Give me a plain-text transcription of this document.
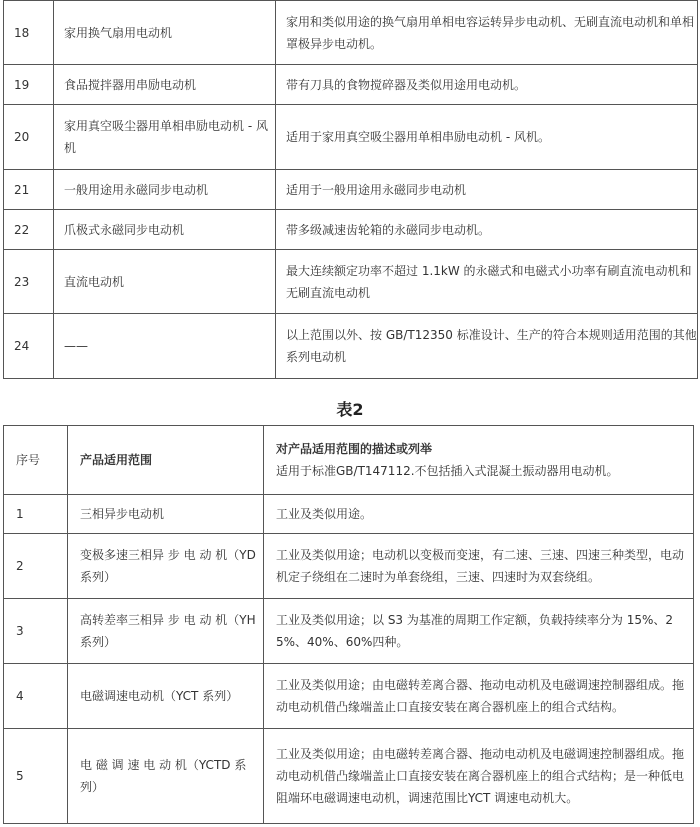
18	家用换气扇用电动机	家用和类似用途的换气扇用单相电容运转异步电动机、无刷直流电动机和单相罩极异步电动机。
19	食品搅拌器用串励电动机	带有刀具的食物搅碎器及类似用途用电动机。
20	家用真空吸尘器用单相串励电动机 - 风机	适用于家用真空吸尘器用单相串励电动机 - 风机。
21	一般用途用永磁同步电动机	适用于一般用途用永磁同步电动机
22	爪极式永磁同步电动机	带多级减速齿轮箱的永磁同步电动机。
23	直流电动机	最大连续额定功率不超过 1.1kW 的永磁式和电磁式小功率有刷直流电动机和无刷直流电动机
24	——	以上范围以外、按 GB/T12350 标准设计、生产的符合本规则适用范围的其他系列电动机
表2
序号	产品适用范围	对产品适用范围的描述或列举
适用于标准GB/T147112.不包括插入式混凝土振动器用电动机。

1	三相异步电动机	工业及类似用途。
2	变极多速三相异 步 电 动 机（YD 系列）	工业及类似用途；电动机以变极而变速，有二速、三速、四速三种类型，电动机定子绕组在二速时为单套绕组，三速、四速时为双套绕组。
3	高转差率三相异 步 电 动 机（YH 系列）	工业及类似用途；以 S3 为基准的周期工作定额，负载持续率分为 15%、25%、40%、60%四种。
4	电磁调速电动机（YCT 系列）	工业及类似用途；由电磁转差离合器、拖动电动机及电磁调速控制器组成。拖动电动机借凸缘端盖止口直接安装在离合器机座上的组合式结构。
5	电 磁 调 速 电 动 机（YCTD 系列）	工业及类似用途；由电磁转差离合器、拖动电动机及电磁调速控制器组成。拖动电动机借凸缘端盖止口直接安装在离合器机座上的组合式结构；是一种低电阻端环电磁调速电动机，调速范围比YCT 调速电动机大。
